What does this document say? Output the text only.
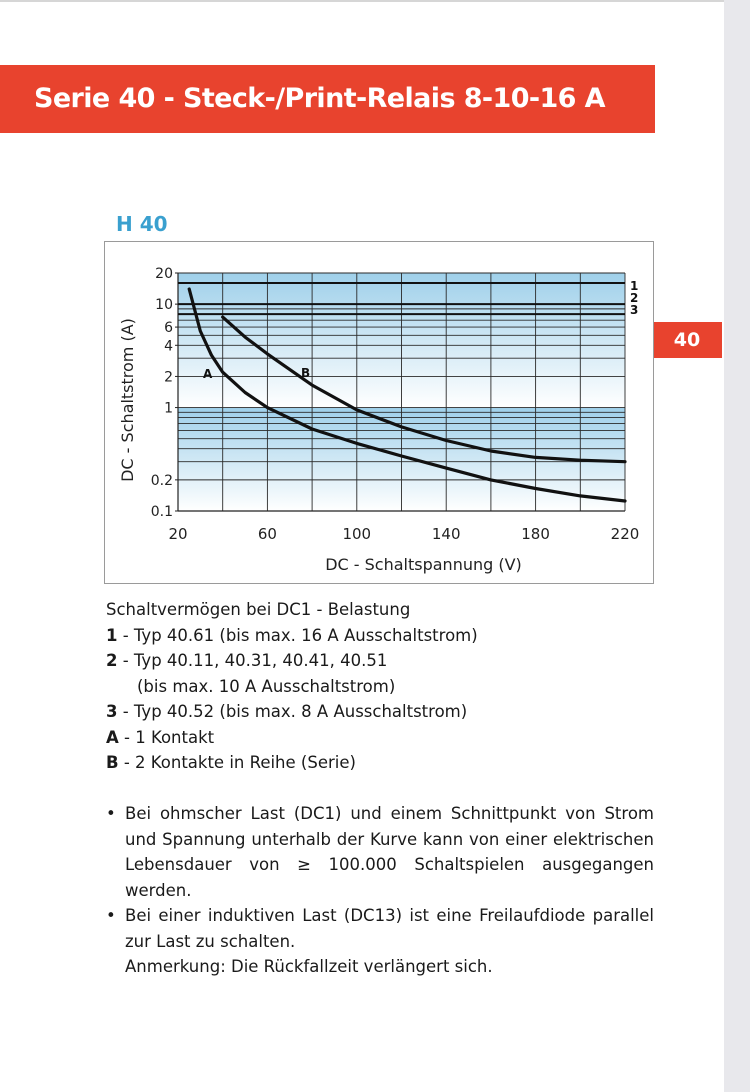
Serie 40 - Steck-/Print-Relais 8-10-16 A
40
H 40
1
2
3
A	B
20
10
6
4
2
1
0.2
0.1
20	60	100	140	180	220
DC - Schaltspannung (V)
DC - Schaltstrom (A)
Schaltvermögen bei DC1 - Belastung
1 - Typ 40.61 (bis max. 16 A Ausschaltstrom)
2 - Typ 40.11, 40.31, 40.41, 40.51
(bis max. 10 A Ausschaltstrom)
3 - Typ 40.52 (bis max. 8 A Ausschaltstrom)
A - 1 Kontakt
B - 2 Kontakte in Reihe (Serie)
• Bei ohmscher Last (DC1) und einem Schnittpunkt von Strom und Spannung unterhalb der Kurve kann von einer elektrischen Lebensdauer von ≥ 100.000 Schaltspielen ausgegangen werden.
• Bei einer induktiven Last (DC13) ist eine Freilaufdiode parallel zur Last zu schalten.
Anmerkung: Die Rückfallzeit verlängert sich.
